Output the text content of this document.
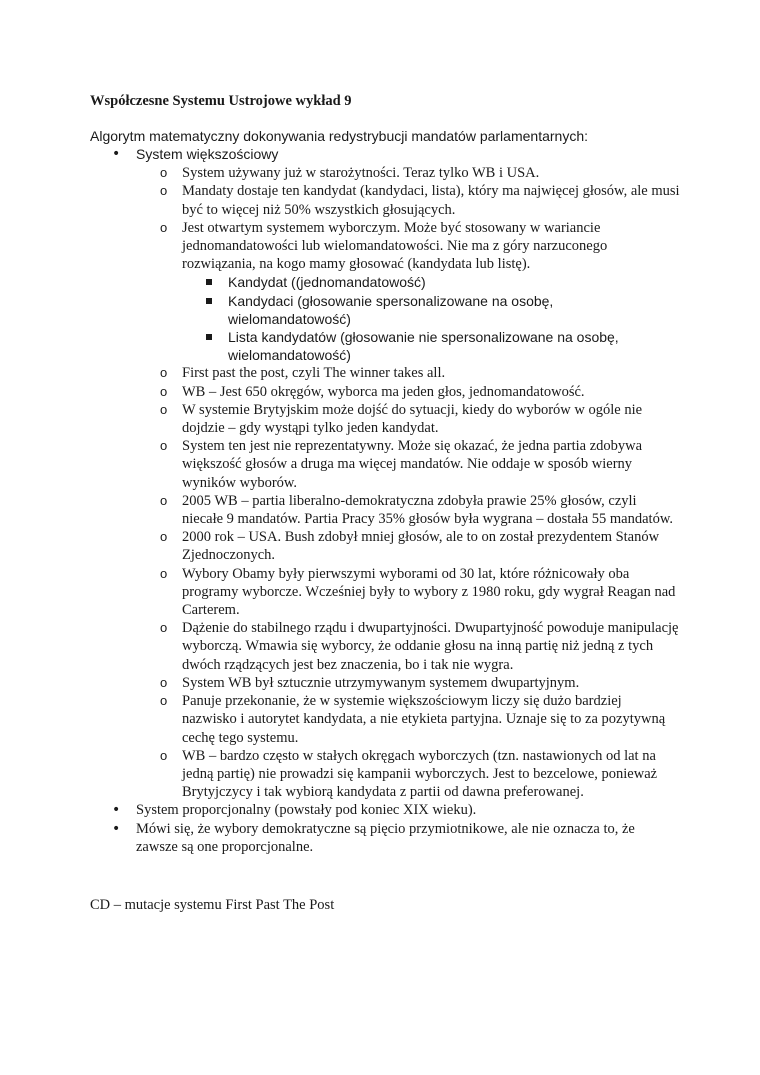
Współczesne Systemu Ustrojowe wykład 9
Algorytm matematyczny dokonywania redystrybucji mandatów parlamentarnych:
• System większościowy
o System używany już w starożytności. Teraz tylko WB i USA.
o Mandaty dostaje ten kandydat (kandydaci, lista), który ma najwięcej głosów, ale musi być to więcej niż 50% wszystkich głosujących.
o Jest otwartym systemem wyborczym. Może być stosowany w wariancie jednomandatowości lub wielomandatowości. Nie ma z góry narzuconego rozwiązania, na kogo mamy głosować (kandydata lub listę).
Kandydat ((jednomandatowość)
Kandydaci (głosowanie spersonalizowane na osobę, wielomandatowość)
Lista kandydatów (głosowanie nie spersonalizowane na osobę, wielomandatowość)
o First past the post, czyli The winner takes all.
o WB – Jest 650 okręgów, wyborca ma jeden głos, jednomandatowość.
o W systemie Brytyjskim może dojść do sytuacji, kiedy do wyborów w ogóle nie dojdzie – gdy wystąpi tylko jeden kandydat.
o System ten jest nie reprezentatywny. Może się okazać, że jedna partia zdobywa większość głosów a druga ma więcej mandatów. Nie oddaje w sposób wierny wyników wyborów.
o 2005 WB – partia liberalno-demokratyczna zdobyła prawie 25% głosów, czyli niecałe 9 mandatów. Partia Pracy 35% głosów była wygrana – dostała 55 mandatów.
o 2000 rok – USA. Bush zdobył mniej głosów, ale to on został prezydentem Stanów Zjednoczonych.
o Wybory Obamy były pierwszymi wyborami od 30 lat, które różnicowały oba programy wyborcze. Wcześniej były to wybory z 1980 roku, gdy wygrał Reagan nad Carterem.
o Dążenie do stabilnego rządu i dwupartyjności. Dwupartyjność powoduje manipulację wyborczą. Wmawia się wyborcy, że oddanie głosu na inną partię niż jedną z tych dwóch rządzących jest bez znaczenia, bo i tak nie wygra.
o System WB był sztucznie utrzymywanym systemem dwupartyjnym.
o Panuje przekonanie, że w systemie większościowym liczy się dużo bardziej nazwisko i autorytet kandydata, a nie etykieta partyjna. Uznaje się to za pozytywną cechę tego systemu.
o WB – bardzo często w stałych okręgach wyborczych (tzn. nastawionych od lat na jedną partię) nie prowadzi się kampanii wyborczych. Jest to bezcelowe, ponieważ Brytyjczycy i tak wybiorą kandydata z partii od dawna preferowanej.
• System proporcjonalny (powstały pod koniec XIX wieku).
• Mówi się, że wybory demokratyczne są pięcio przymiotnikowe, ale nie oznacza to, że zawsze są one proporcjonalne.
CD – mutacje systemu First Past The Post
